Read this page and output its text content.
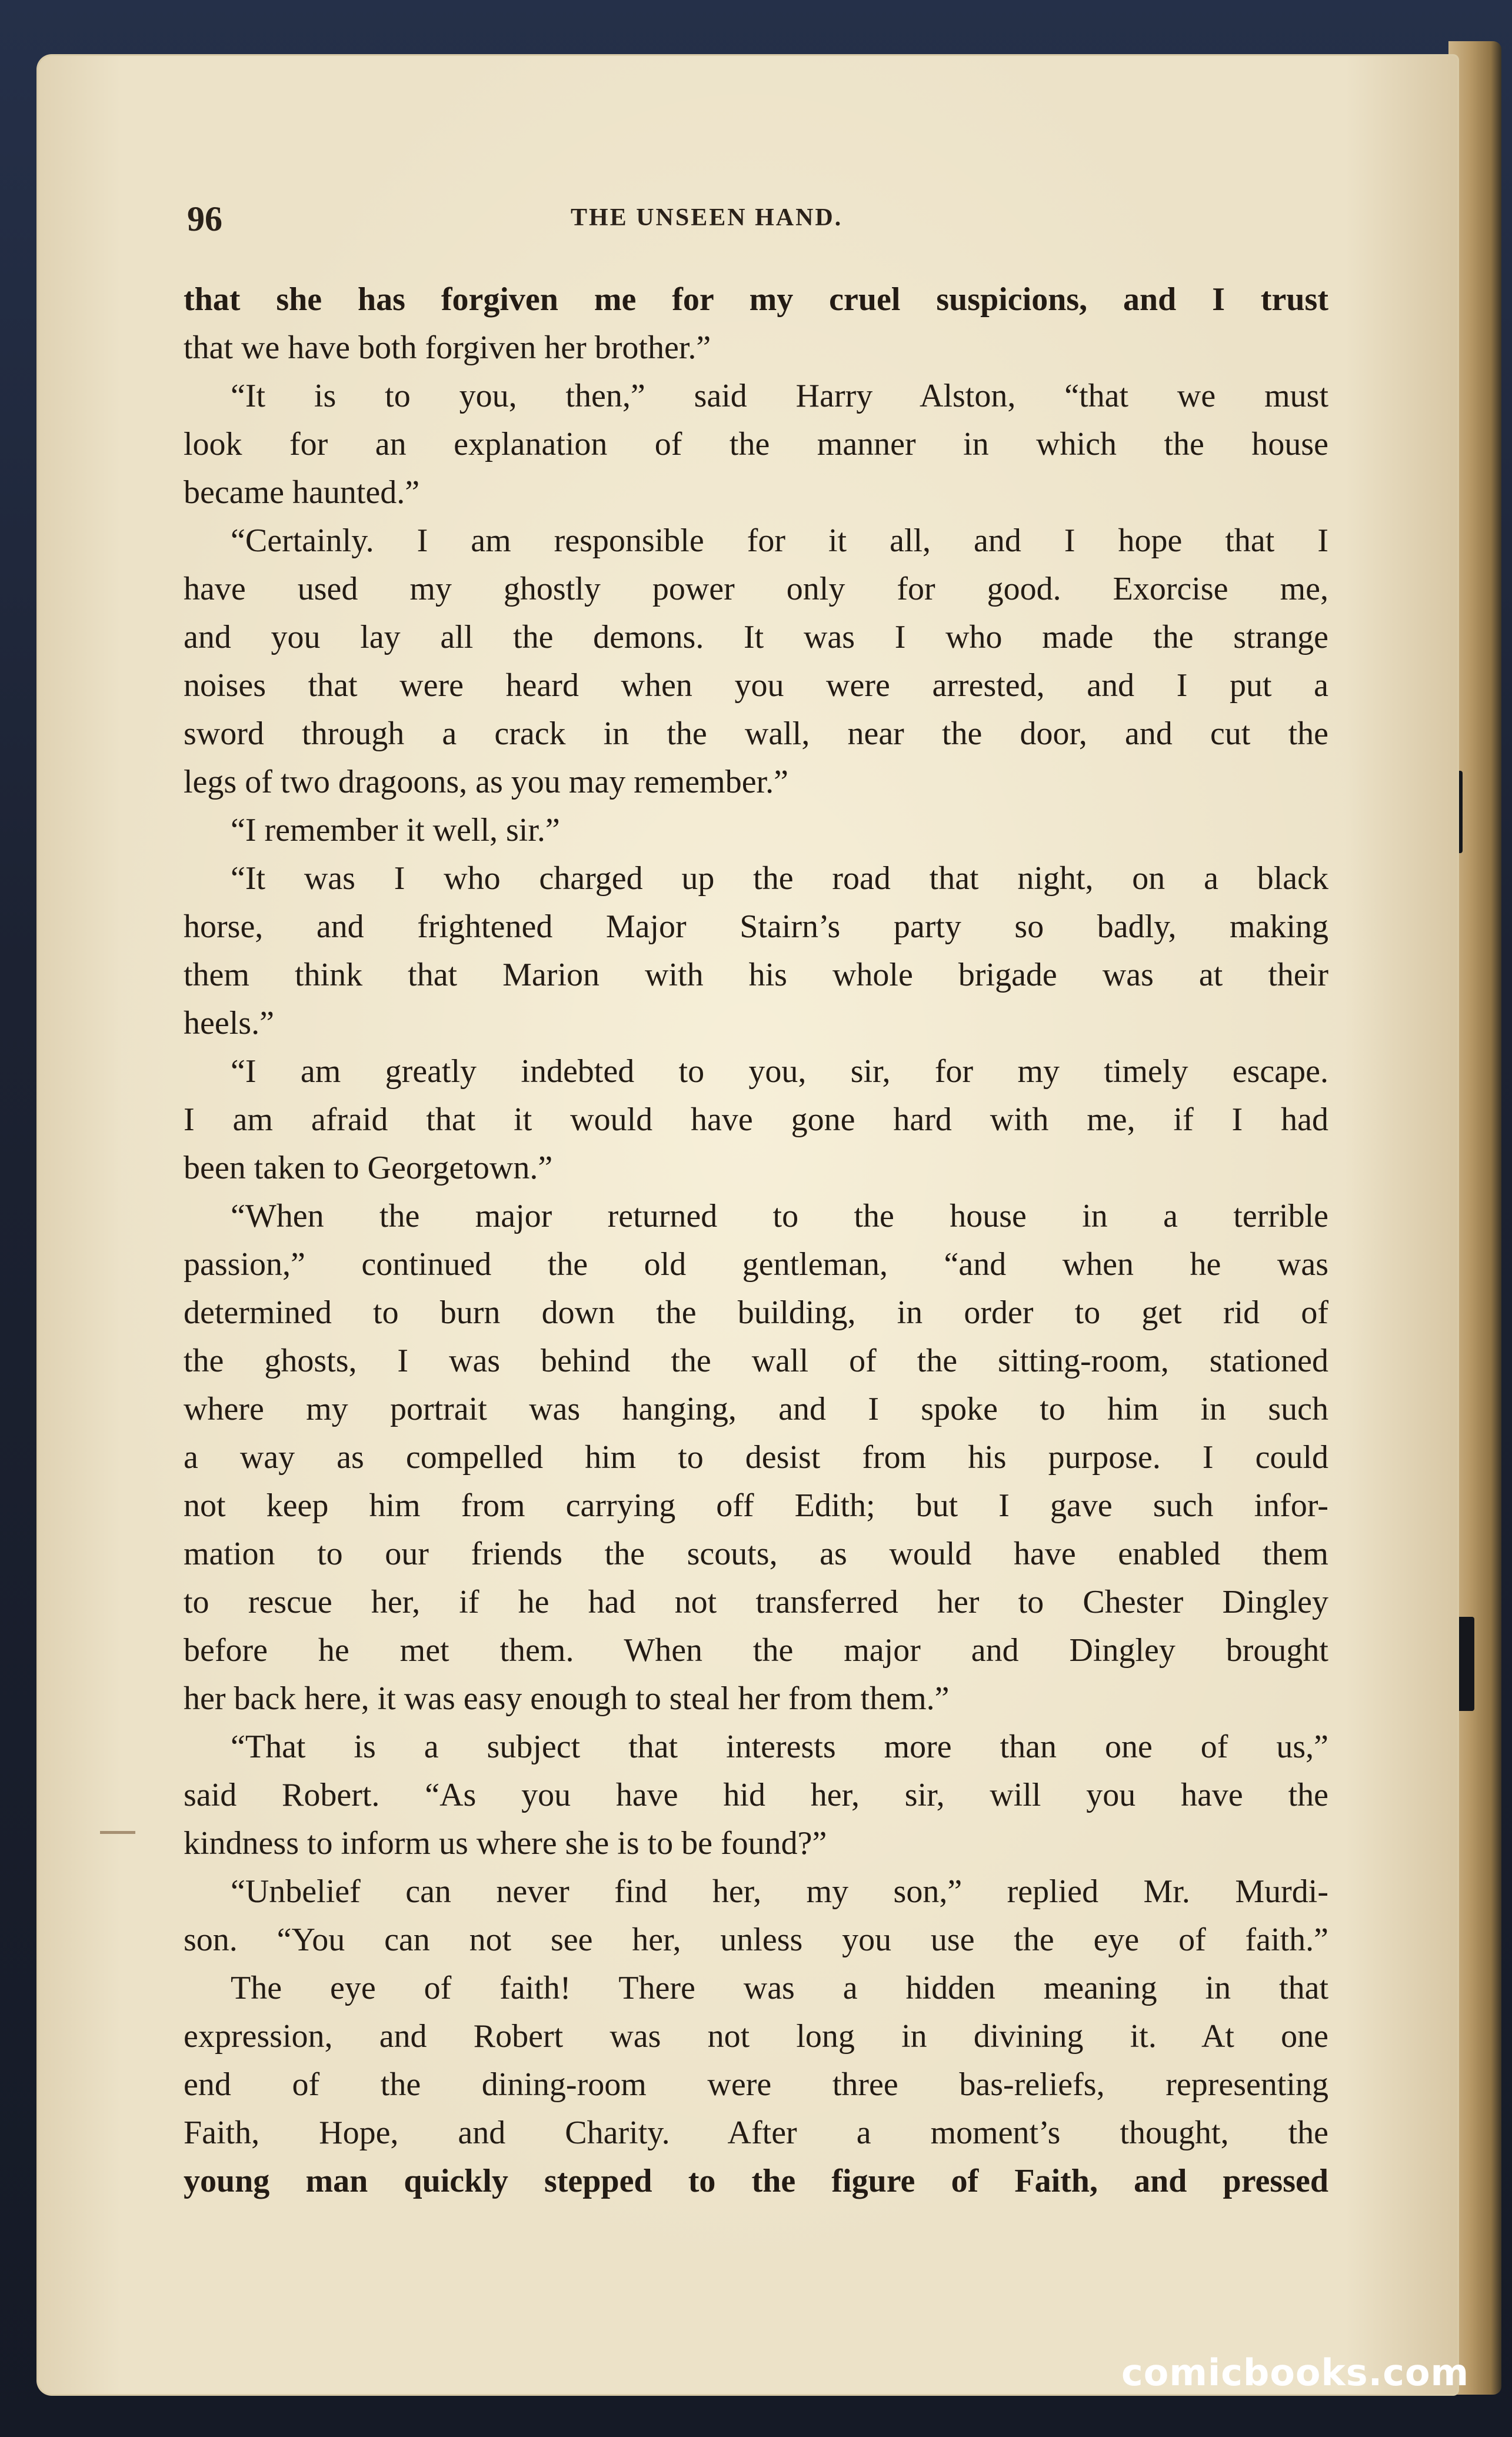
96	THE UNSEEN HAND.
that she has forgiven me for my cruel suspicions, and I trust
that we have both forgiven her brother.”
“It is to you, then,” said Harry Alston, “that we must
look for an explanation of the manner in which the house
became haunted.”
“Certainly. I am responsible for it all, and I hope that I
have used my ghostly power only for good. Exorcise me,
and you lay all the demons. It was I who made the strange
noises that were heard when you were arrested, and I put a
sword through a crack in the wall, near the door, and cut the
legs of two dragoons, as you may remember.”
“I remember it well, sir.”
“It was I who charged up the road that night, on a black
horse, and frightened Major Stairn’s party so badly, making
them think that Marion with his whole brigade was at their
heels.”
“I am greatly indebted to you, sir, for my timely escape.
I am afraid that it would have gone hard with me, if I had
been taken to Georgetown.”
“When the major returned to the house in a terrible
passion,” continued the old gentleman, “and when he was
determined to burn down the building, in order to get rid of
the ghosts, I was behind the wall of the sitting-room, stationed
where my portrait was hanging, and I spoke to him in such
a way as compelled him to desist from his purpose. I could
not keep him from carrying off Edith; but I gave such infor-
mation to our friends the scouts, as would have enabled them
to rescue her, if he had not transferred her to Chester Dingley
before he met them. When the major and Dingley brought
her back here, it was easy enough to steal her from them.”
“That is a subject that interests more than one of us,”
said Robert. “As you have hid her, sir, will you have the
kindness to inform us where she is to be found?”
“Unbelief can never find her, my son,” replied Mr. Murdi-
son. “You can not see her, unless you use the eye of faith.”
The eye of faith! There was a hidden meaning in that
expression, and Robert was not long in divining it. At one
end of the dining-room were three bas-reliefs, representing
Faith, Hope, and Charity. After a moment’s thought, the
young man quickly stepped to the figure of Faith, and pressed
comicbooks.com
